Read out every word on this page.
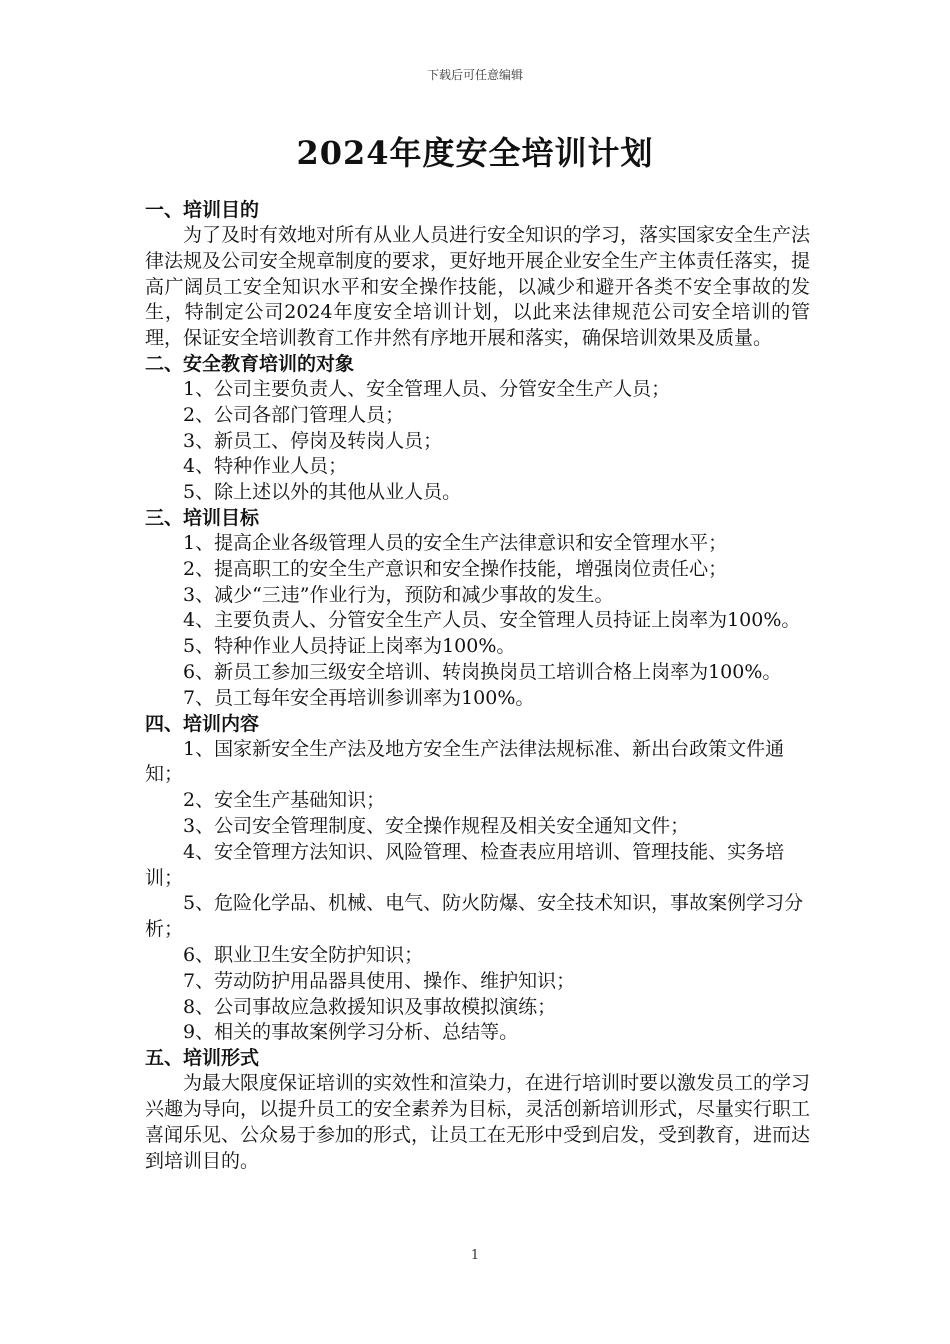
下载后可任意编辑
2024年度安全培训计划
一、培训目的
为了及时有效地对所有从业人员进行安全知识的学习，落实国家安全生产法律法规及公司安全规章制度的要求，更好地开展企业安全生产主体责任落实，提高广阔员工安全知识水平和安全操作技能，以减少和避开各类不安全事故的发生，特制定公司2024年度安全培训计划，以此来法律规范公司安全培训的管理，保证安全培训教育工作井然有序地开展和落实，确保培训效果及质量。
二、安全教育培训的对象
1、公司主要负责人、安全管理人员、分管安全生产人员；
2、公司各部门管理人员；
3、新员工、停岗及转岗人员；
4、特种作业人员；
5、除上述以外的其他从业人员。
三、培训目标
1、提高企业各级管理人员的安全生产法律意识和安全管理水平；
2、提高职工的安全生产意识和安全操作技能，增强岗位责任心；
3、减少“三违”作业行为，预防和减少事故的发生。
4、主要负责人、分管安全生产人员、安全管理人员持证上岗率为100%。
5、特种作业人员持证上岗率为100%。
6、新员工参加三级安全培训、转岗换岗员工培训合格上岗率为100%。
7、员工每年安全再培训参训率为100%。
四、培训内容
1、国家新安全生产法及地方安全生产法律法规标准、新出台政策文件通知；
2、安全生产基础知识；
3、公司安全管理制度、安全操作规程及相关安全通知文件；
4、安全管理方法知识、风险管理、检查表应用培训、管理技能、实务培训；
5、危险化学品、机械、电气、防火防爆、安全技术知识，事故案例学习分析；
6、职业卫生安全防护知识；
7、劳动防护用品器具使用、操作、维护知识；
8、公司事故应急救援知识及事故模拟演练；
9、相关的事故案例学习分析、总结等。
五、培训形式
为最大限度保证培训的实效性和渲染力，在进行培训时要以激发员工的学习兴趣为导向，以提升员工的安全素养为目标，灵活创新培训形式，尽量实行职工喜闻乐见、公众易于参加的形式，让员工在无形中受到启发，受到教育，进而达到培训目的。
1
